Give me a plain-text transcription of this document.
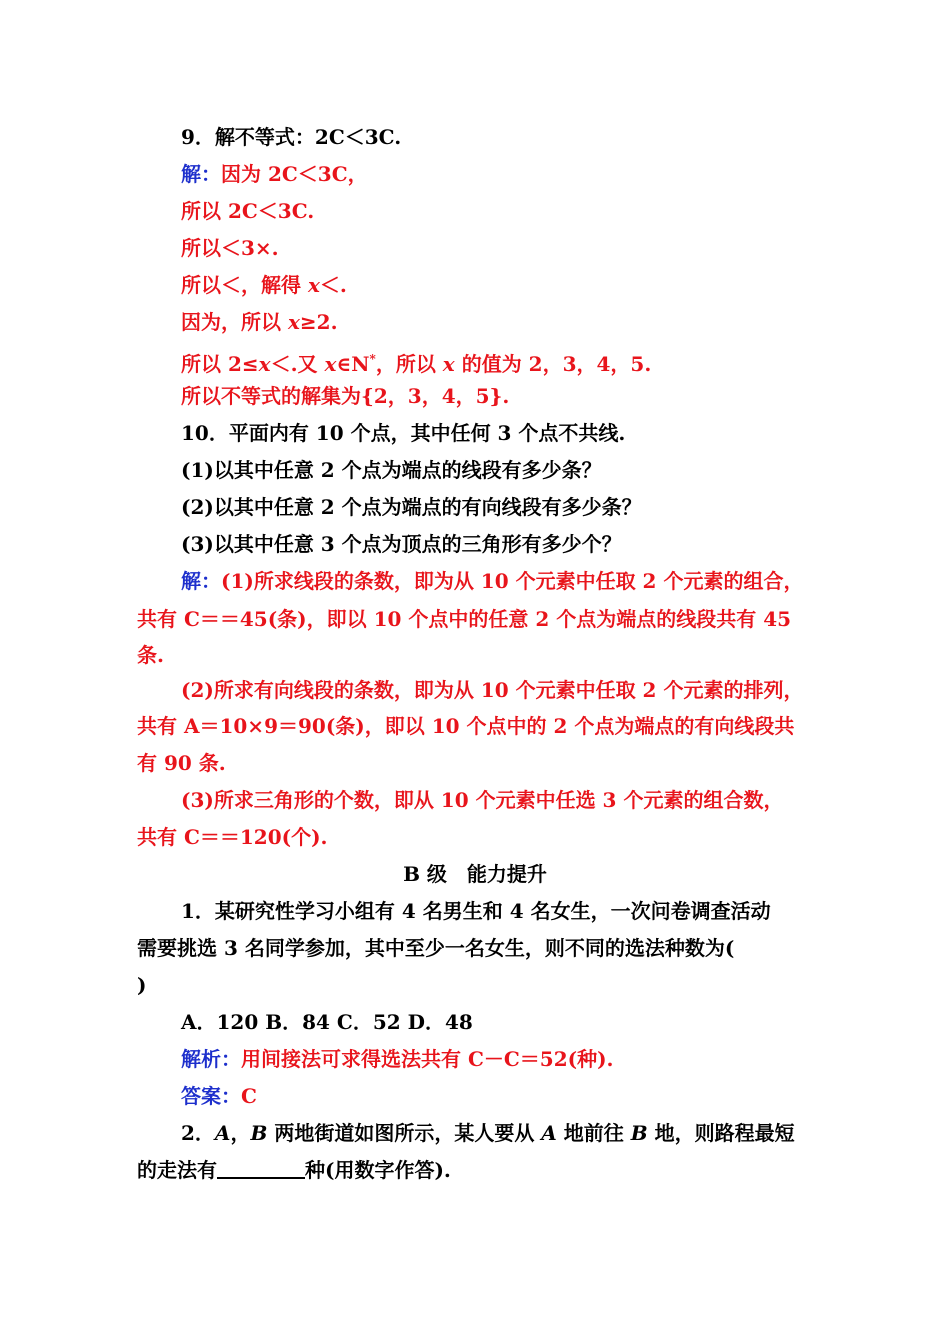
9．解不等式：2C＜3C.
解：因为 2C＜3C，
所以 2C＜3C.
所以＜3×.
所以＜，解得 x＜.
因为，所以 x≥2.
所以 2≤x＜.又 x∈N*，所以 x 的值为 2，3，4，5.
所以不等式的解集为{2，3，4，5}.
10．平面内有 10 个点，其中任何 3 个点不共线.
(1)以其中任意 2 个点为端点的线段有多少条？
(2)以其中任意 2 个点为端点的有向线段有多少条？
(3)以其中任意 3 个点为顶点的三角形有多少个？
解：(1)所求线段的条数，即为从 10 个元素中任取 2 个元素的组合，
共有 C＝＝45(条)，即以 10 个点中的任意 2 个点为端点的线段共有 45
条.
(2)所求有向线段的条数，即为从 10 个元素中任取 2 个元素的排列，
共有 A＝10×9＝90(条)，即以 10 个点中的 2 个点为端点的有向线段共
有 90 条.
(3)所求三角形的个数，即从 10 个元素中任选 3 个元素的组合数，
共有 C＝＝120(个).
B 级　能力提升
1．某研究性学习小组有 4 名男生和 4 名女生，一次问卷调查活动
需要挑选 3 名同学参加，其中至少一名女生，则不同的选法种数为(
)
A．120 B．84 C．52 D．48
解析：用间接法可求得选法共有 C－C＝52(种).
答案：C
2．A，B 两地街道如图所示，某人要从 A 地前往 B 地，则路程最短
的走法有	种(用数字作答).
